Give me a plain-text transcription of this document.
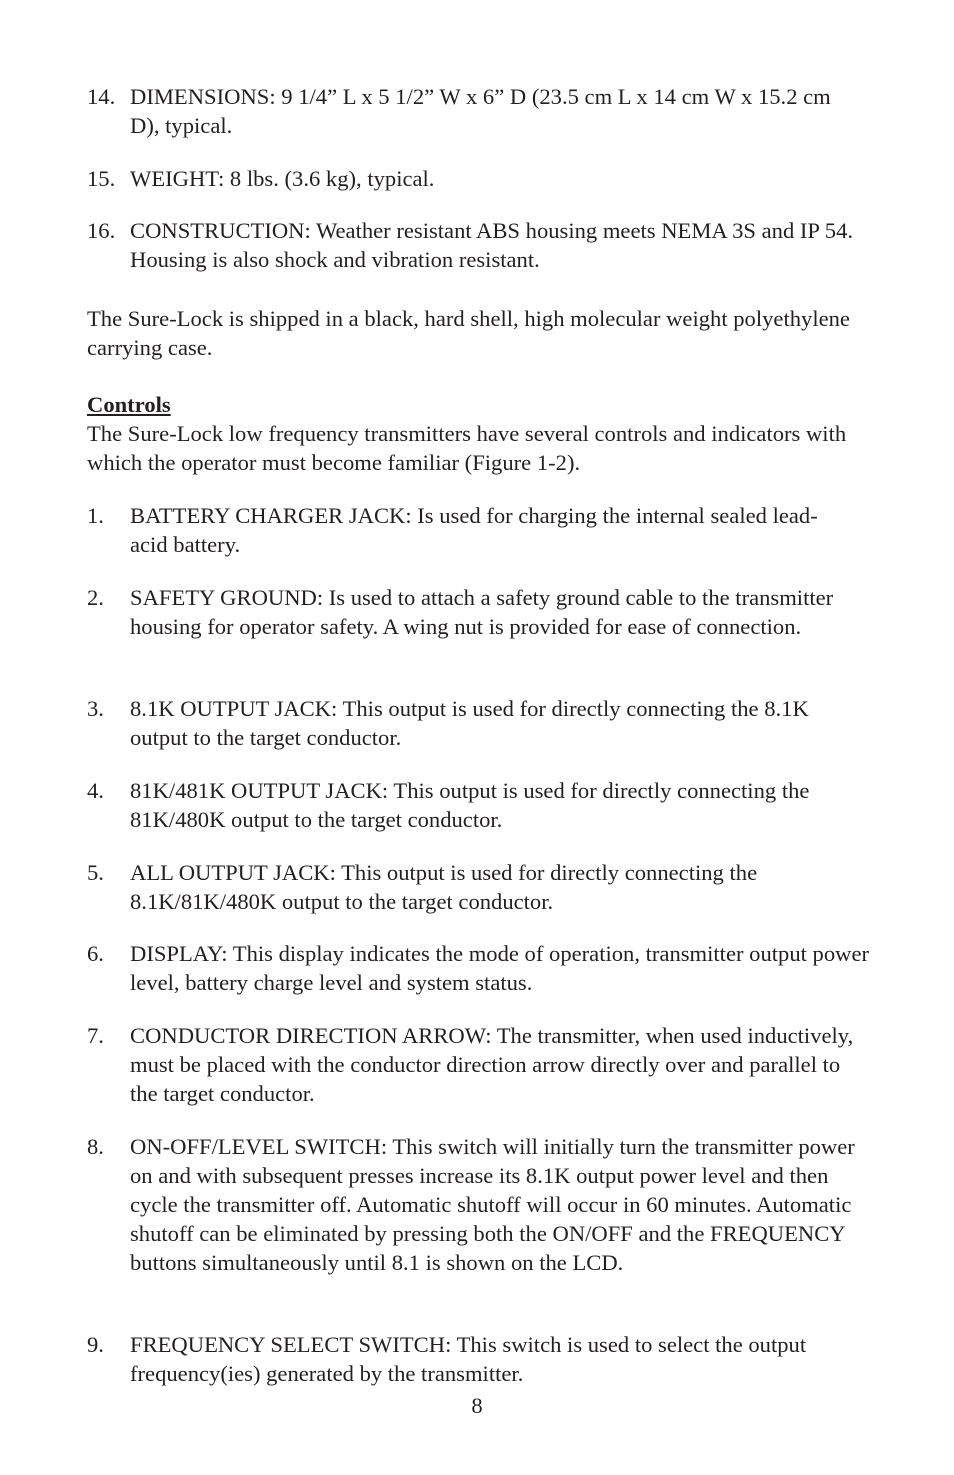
14. DIMENSIONS: 9 1/4” L x 5 1/2” W x 6” D (23.5 cm L x 14 cm W x 15.2 cm D), typical.
15. WEIGHT: 8 lbs. (3.6 kg), typical.
16. CONSTRUCTION: Weather resistant ABS housing meets NEMA 3S and IP 54. Housing is also shock and vibration resistant.
The Sure-Lock is shipped in a black, hard shell, high molecular weight polyethylene carrying case.
Controls
The Sure-Lock low frequency transmitters have several controls and indicators with which the operator must become familiar (Figure 1-2).
1.	BATTERY CHARGER JACK: Is used for charging the internal sealed lead-acid battery.
2.	SAFETY GROUND: Is used to attach a safety ground cable to the transmitter housing for operator safety. A wing nut is provided for ease of connection.
3.	8.1K OUTPUT JACK: This output is used for directly connecting the 8.1K output to the target conductor.
4.	81K/481K OUTPUT JACK: This output is used for directly connecting the 81K/480K output to the target conductor.
5.	ALL OUTPUT JACK: This output is used for directly connecting the 8.1K/81K/480K output to the target conductor.
6.	DISPLAY: This display indicates the mode of operation, transmitter output power level, battery charge level and system status.
7.	CONDUCTOR DIRECTION ARROW: The transmitter, when used inductively, must be placed with the conductor direction arrow directly over and parallel to the target conductor.
8.	ON-OFF/LEVEL SWITCH: This switch will initially turn the transmitter power on and with subsequent presses increase its 8.1K output power level and then cycle the transmitter off. Automatic shutoff will occur in 60 minutes. Automatic shutoff can be eliminated by pressing both the ON/OFF and the FREQUENCY buttons simultaneously until 8.1 is shown on the LCD.
9.	FREQUENCY SELECT SWITCH: This switch is used to select the output frequency(ies) generated by the transmitter.
8
